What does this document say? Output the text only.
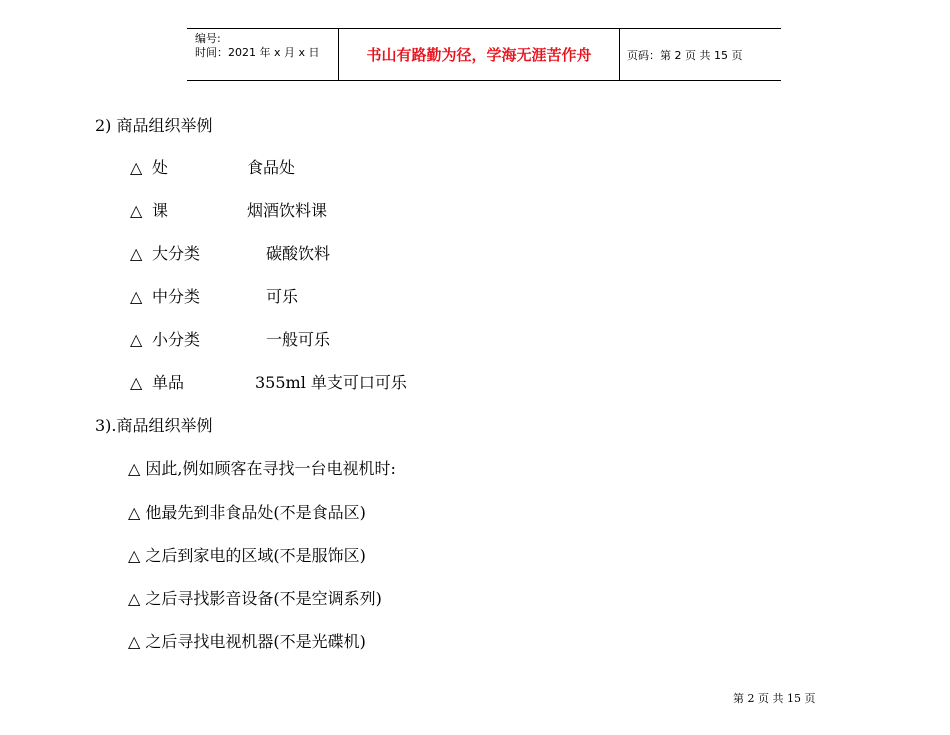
编号:
时间：2021 年 x 月 x 日	书山有路勤为径，学海无涯苦作舟	页码：第 2 页 共 15 页
2) 商品组织举例
△ 处	食品处
△ 课	烟酒饮料课
△ 大分类	碳酸饮料
△ 中分类	可乐
△ 小分类	一般可乐
△ 单品	355ml 单支可口可乐
3).商品组织举例
△ 因此,例如顾客在寻找一台电视机时:
△ 他最先到非食品处(不是食品区)
△ 之后到家电的区域(不是服饰区)
△ 之后寻找影音设备(不是空调系列)
△ 之后寻找电视机器(不是光碟机)
第 2 页 共 15 页
